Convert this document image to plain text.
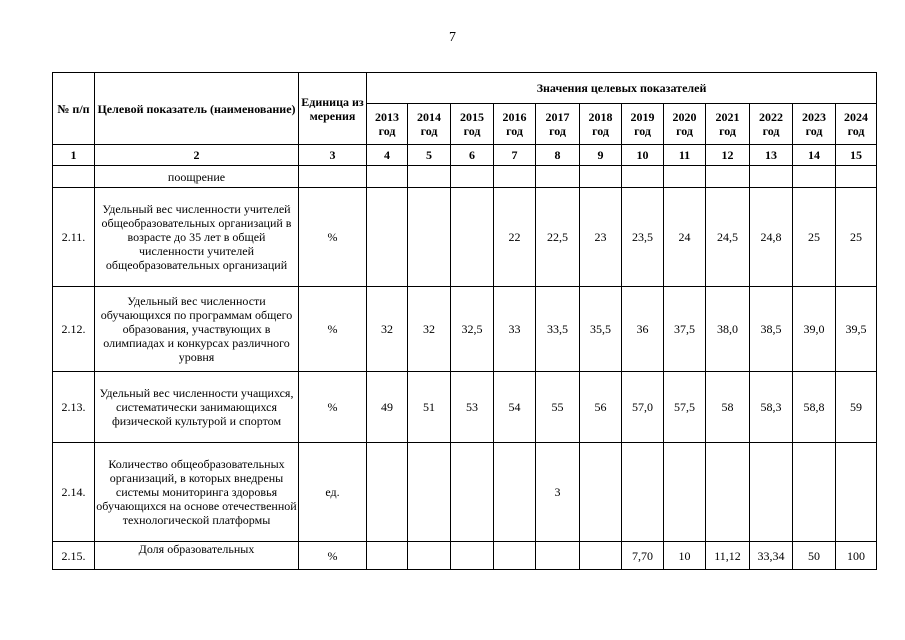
7
№ п/п	Целевой показатель (наименование)	Единица измерения	Значения целевых показателей											
			2013 год	2014 год	2015 год	2016 год	2017 год	2018 год	2019 год	2020 год	2021 год	2022 год	2023 год	2024 год
1	2	3	4	5	6	7	8	9	10	11	12	13	14	15
	поощрение													
2.11.	Удельный вес численности учителей общеобразовательных организаций в возрасте до 35 лет в общей численности учителей общеобразовательных организаций	%				22	22,5	23	23,5	24	24,5	24,8	25	25
2.12.	Удельный вес численности обучающихся по программам общего образования, участвующих в олимпиадах и конкурсах различного уровня	%	32	32	32,5	33	33,5	35,5	36	37,5	38,0	38,5	39,0	39,5
2.13.	Удельный вес численности учащихся, систематически занимающихся физической культурой и спортом	%	49	51	53	54	55	56	57,0	57,5	58	58,3	58,8	59
2.14.	Количество общеобразовательных организаций, в которых внедрены системы мониторинга здоровья обучающихся на основе отечественной технологической платформы	ед.					3							
2.15.	Доля образовательных	%							7,70	10	11,12	33,34	50	100
